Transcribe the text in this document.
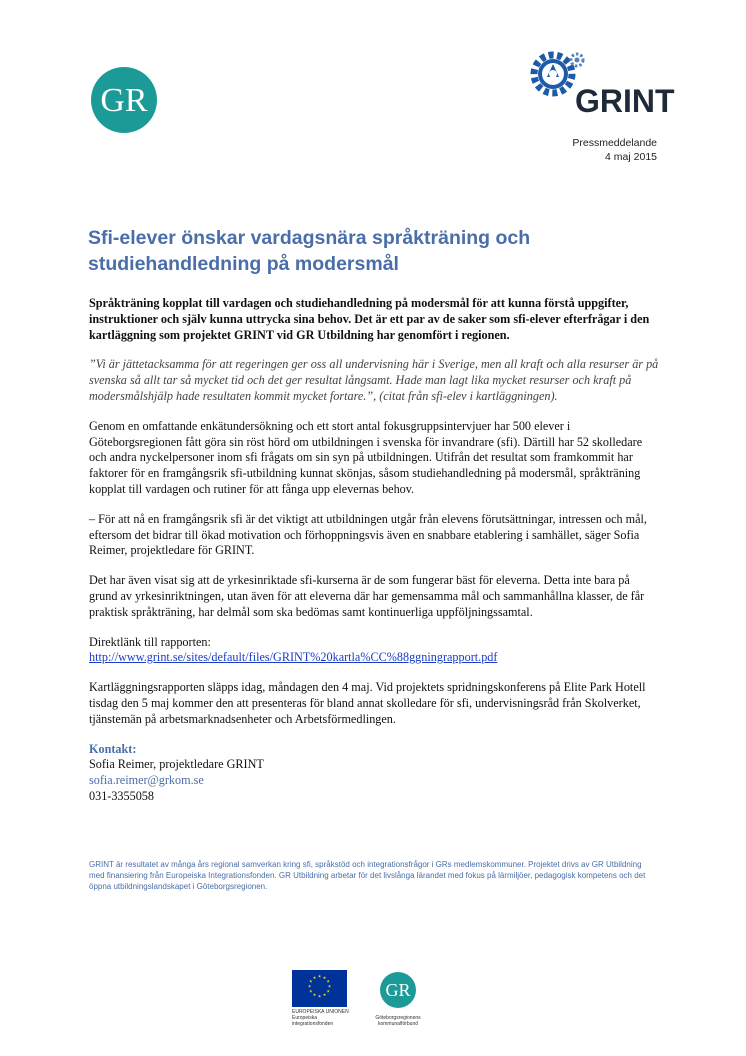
GR	GRINT
Pressmeddelande
4 maj 2015
Sfi-elever önskar vardagsnära språkträning och studiehandledning på modersmål

Språkträning kopplat till vardagen och studiehandledning på modersmål för att kunna förstå uppgifter, instruktioner och själv kunna uttrycka sina behov. Det är ett par av de saker som sfi-elever efterfrågar i den kartläggning som projektet GRINT vid GR Utbildning har genomfört i regionen.

”Vi är jättetacksamma för att regeringen ger oss all undervisning här i Sverige, men all kraft och alla resurser är på svenska så allt tar så mycket tid och det ger resultat långsamt. Hade man lagt lika mycket resurser och kraft på modersmålshjälp hade resultaten kommit mycket fortare.”, (citat från sfi-elev i kartläggningen).

Genom en omfattande enkätundersökning och ett stort antal fokusgruppsintervjuer har 500 elever i Göteborgsregionen fått göra sin röst hörd om utbildningen i svenska för invandrare (sfi). Därtill har 52 skolledare och andra nyckelpersoner inom sfi frågats om sin syn på utbildningen. Utifrån det resultat som framkommit har faktorer för en framgångsrik sfi-utbildning kunnat skönjas, såsom studiehandledning på modersmål, språkträning kopplat till vardagen och rutiner för att fånga upp elevernas behov.

– För att nå en framgångsrik sfi är det viktigt att utbildningen utgår från elevens förutsättningar, intressen och mål, eftersom det bidrar till ökad motivation och förhoppningsvis även en snabbare etablering i samhället, säger Sofia Reimer, projektledare för GRINT.

Det har även visat sig att de yrkesinriktade sfi-kurserna är de som fungerar bäst för eleverna. Detta inte bara på grund av yrkesinriktningen, utan även för att eleverna där har gemensamma mål och sammanhållna klasser, de får praktisk språkträning, har delmål som ska bedömas samt kontinuerliga uppföljningssamtal.

Direktlänk till rapporten:
http://www.grint.se/sites/default/files/GRINT%20kartla%CC%88ggningrapport.pdf

Kartläggningsrapporten släpps idag, måndagen den 4 maj. Vid projektets spridningskonferens på Elite Park Hotell tisdag den 5 maj kommer den att presenteras för bland annat skolledare för sfi, undervisningsråd från Skolverket, tjänstemän på arbetsmarknadsenheter och Arbetsförmedlingen.

Kontakt:

Sofia Reimer, projektledare GRINT

sofia.reimer@grkom.se

031-3355058

GRINT är resultatet av många års regional samverkan kring sfi, språkstöd och integrationsfrågor i GRs medlemskommuner. Projektet drivs av GR Utbildning med finansiering från Europeiska Integrationsfonden. GR Utbildning arbetar för det livslånga lärandet med fokus på lärmiljöer, pedagogisk kompetens och det öppna utbildningslandskapet i Göteborgsregionen.
★ ★
★
★
★
★
★
★
★
★
★
★
EUROPEISKA UNIONEN
Europeiska integrationsfonden
GR
Göteborgsregionens
kommunalförbund
